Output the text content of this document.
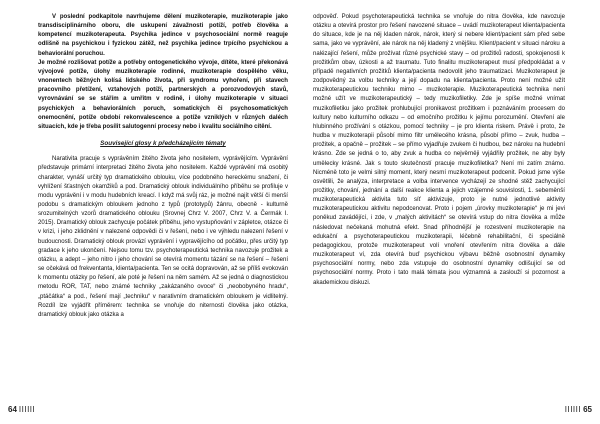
V poslední podkapitole navrhujeme dělení muzikoterapie, muzikoterapie jako transdisciplinárního oboru, dle uskupení závažnosti potíží, potřeb člověka a kompetencí muzikoterapeuta. Psychika jedince v psychosociální normě reaguje odlišně na psychickou i fyzickou zátěž, než psychika jedince trpícího psychickou a behaviorální poruchou.

Je možné rozlišovat potíže a potřeby ontogenetického vývoje, dítěte, které překonává vývojové potíže, úlohy muzikoterapie rodinné, muzikoterapie dospělého věku, vnonentech běžných kolísá lidského života, při syndromu vyhoření, při stavech pracovního přetížení, vztahových potíží, partnerských a porozvodových stavů, vyrovnávání se se stářím a umřitm v rodině, i úlohy muzikoterapie v situaci psychických a behaviorálních poruch, somatických či psychosomatických onemocnění, potíže období rekonvalescence a potíže vzniklých v různých daléch situacích, kde je třeba posílit salutogenní procesy nebo i kvalitu sociálního cítění.

Související glosy k předcházejícím tématy

Narativita pracuje s vyprávěním žitého života jeho nositelem, vyprávějícím. Vyprávění představuje primární interpretaci žitého života jeho nositelem. Každé vyprávění má osobitý charakter, vynáší určitý typ dramatického oblouku, více podobného hereckému snažení, či vyhlížení šťastných okamžiků a pod. Dramatický oblouk individuálního příběhu se profiluje v modu vyprávění i v modu hudebních kreací. I když má svůj ráz, je možné najít větší či menší podobu s dramatickým obloukem jednoho z typů (prototypů) žánru, obecně - kulturně srozumitelných vzorů dramatického oblouku (Srovnej Chrz V. 2007, Chrz V. a Čermák I. 2015). Dramatický oblouk zachycuje počátek příběhu, jeho vystupňování v zápletce, otázce či v krizi, i jeho zklidnění v nalezené odpovědi či v řešení, nebo i ve výhledu nalezení řešení v budoucnosti. Dramatický oblouk provází vyprávění i vypravějícího od počátku, přes určitý typ gradace k jeho ukončení. Nejsou tomu tzv. psychoterapeutická technika navozuje prožitek a otázku, a adept – jeho nitro i jeho chování se otevírá momentu tázání se na řešení – řešení se očekává od frekventanta, klienta/pacienta. Ten se ocitá dopravován, až se příliš evokován k momentu otázky po řešení, ale poté je řešení na něm samém. Až se jedná o diagnostickou metodu ROR, TAT, nebo známé techniky „zakázaného ovoce“ či „neobobyného hradu“, „ptáčátka“ a pod., řešení mají „techniku“ v narativním dramatickém obloukem je vidlitelný. Rozdíl lze vyjádřit příměrem: technika se vnořuje do niternosti člověka jako otázka, dramatický oblouk jako otázka a

odpověď. Pokud psychoterapeutická technika se vnořuje do nitra člověka, kde navozuje otázku a otevírá prostor pro řešení navozené situace – uvádí muzikoterapeut klienta/pacienta do situace, kde je na něj kladen nárok, nárok, který si nebere klient/pacient sám před sebe sama, jako ve vyprávění, ale nárok na něj kladený z vnějšku. Klient/pacient v situaci nároku a nalézající řešení, může prožívat různé psychické stavy – od prožitků radosti, spokojenosti k prožitkům obav, úzkosti a až traumatu. Tuto finalitu muzikoterapeut musí předpokládat a v případě negativních prožitků klienta/pacienta nedovolit jeho traumatizaci. Muzikoterapeut je zodpovědný za volbu techniky a její dopadu na klienta/pacienta. Proto není možné užít muzikoterapeutickou techniku mimo – muzikoterapie. Muzikoterapeutická technika není možné užít ve muzikoterapeutický – tedy muzikofiletiky. Zde je spíše možné vnímat muzikofiletiku jako prožitek prohlubující pronikavost prožitkem i poznáváním procesem do kultury nebo kulturního odkazu – od emočního prožitku k jejímu porozumění. Otevření ale hlubinného prožívání s otázkou, pomocí techniky – je pro klienta riskem. Právě i proto, že hudba v muzikoterapii působí mimo filtr umělecého krásna, působí přímo – zvuk, hudba – prožitek, a opačně – prožitek – se přímo vyjadřuje zvukem či hudbou, bez nároku na hudební krásno. Zde se jedná o to, aby zvuk a hudba co nejvěrněji vyjádřily prožitek, ne aby byly umělecky krásné. Jak s touto skutečností pracuje muzikofiletika? Není mi zatím známo. Nicméně toto je velmi silný moment, který nesmí muzikoterapeut podcenit. Pokud jsme výše osvětlili, že analýza, interpretace a volba intervence vycházejí ze shodné stěž zachycující prožitky, chování, jednání a další reakce klienta a jejich vzájemné souvislosti, 1. sebeměnší muzikoterapeutická aktivita tuto síť aktivizuje, proto je nutné jednotlivé aktivity muzikoterapeutickou aktivitu nepodcenovat. Proto i pojem „úrovky muzikoterapie“ je mi jevi poněkud zavádějící, i zde, v „malých aktivitách“ se otevírá vstup do nitra člověka a může následovat nečekaná mohutná efekt. Snad příhodnější je rozestvení muzikoterapie na edukační a psychoterapeutickou muzikoterapii, léčebně rehabilitační, či speciálně pedagogickou, protože muzikoterapeut volí vnoření otevřením nitra člověka a dále muzikoterapeut ví, zda otevírá buď psychickou výbavu běžně osobnostní dynamiky psychosociální normy, nebo zda vstupuje do osobnostní dynamiky odlišující se od psychosociální normy. Proto i tato malá témata jsou významná a zaslouží si pozornost a akademickou diskuzi.

64 IIIIII	IIIIII 65
